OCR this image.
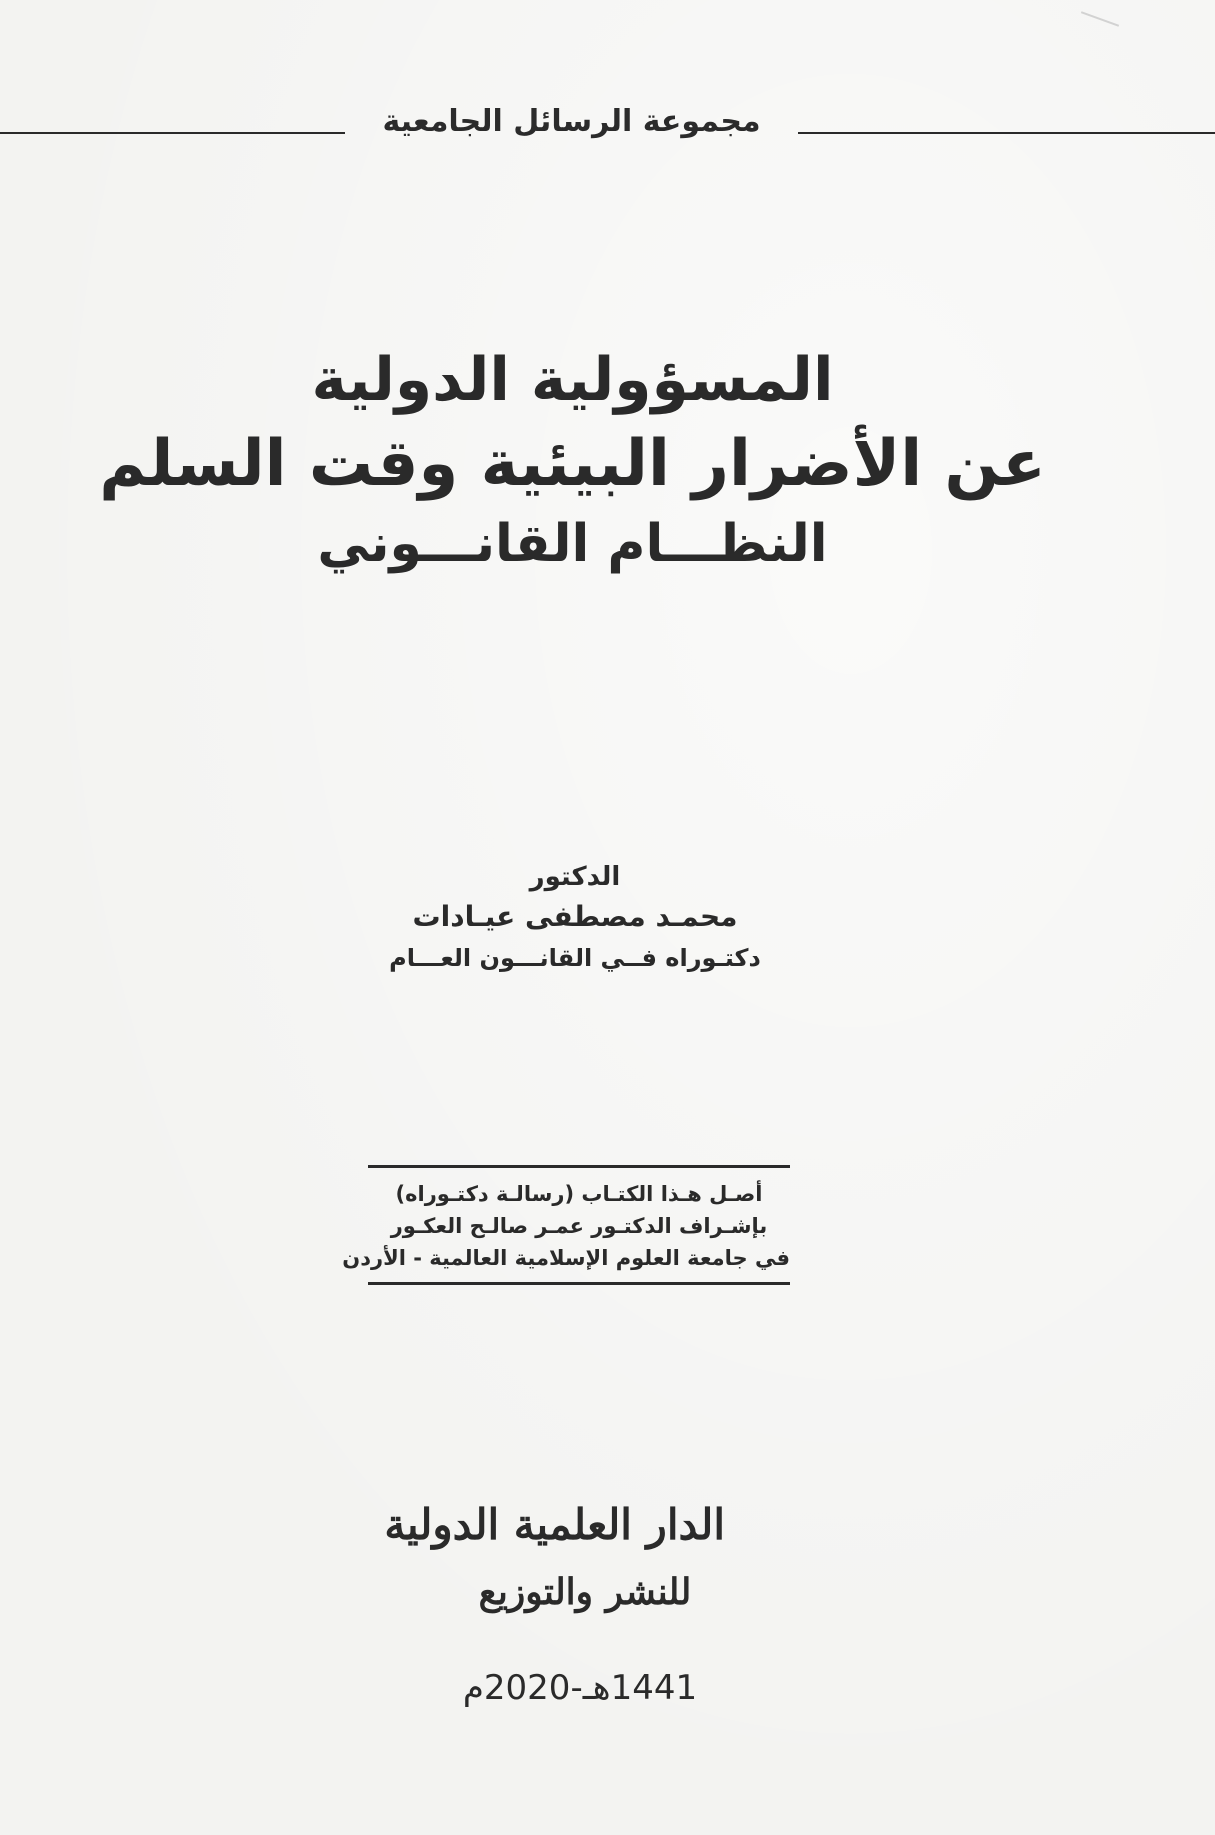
مجموعة الرسائل الجامعية
المسؤولية الدولية
عن الأضرار البيئية وقت السلم
النظـــام القانـــوني
الدكتور
محمـد مصطفى عيـادات
دكتـوراه فــي القانـــون العـــام
أصـل هـذا الكتـاب (رسالـة دكتـوراه)
بإشـراف الدكتـور عمـر صالـح العكـور
في جامعة العلوم الإسلامية العالمية - الأردن
الدار العلمية الدولية
للنشر والتوزيع
1441هـ-2020م
